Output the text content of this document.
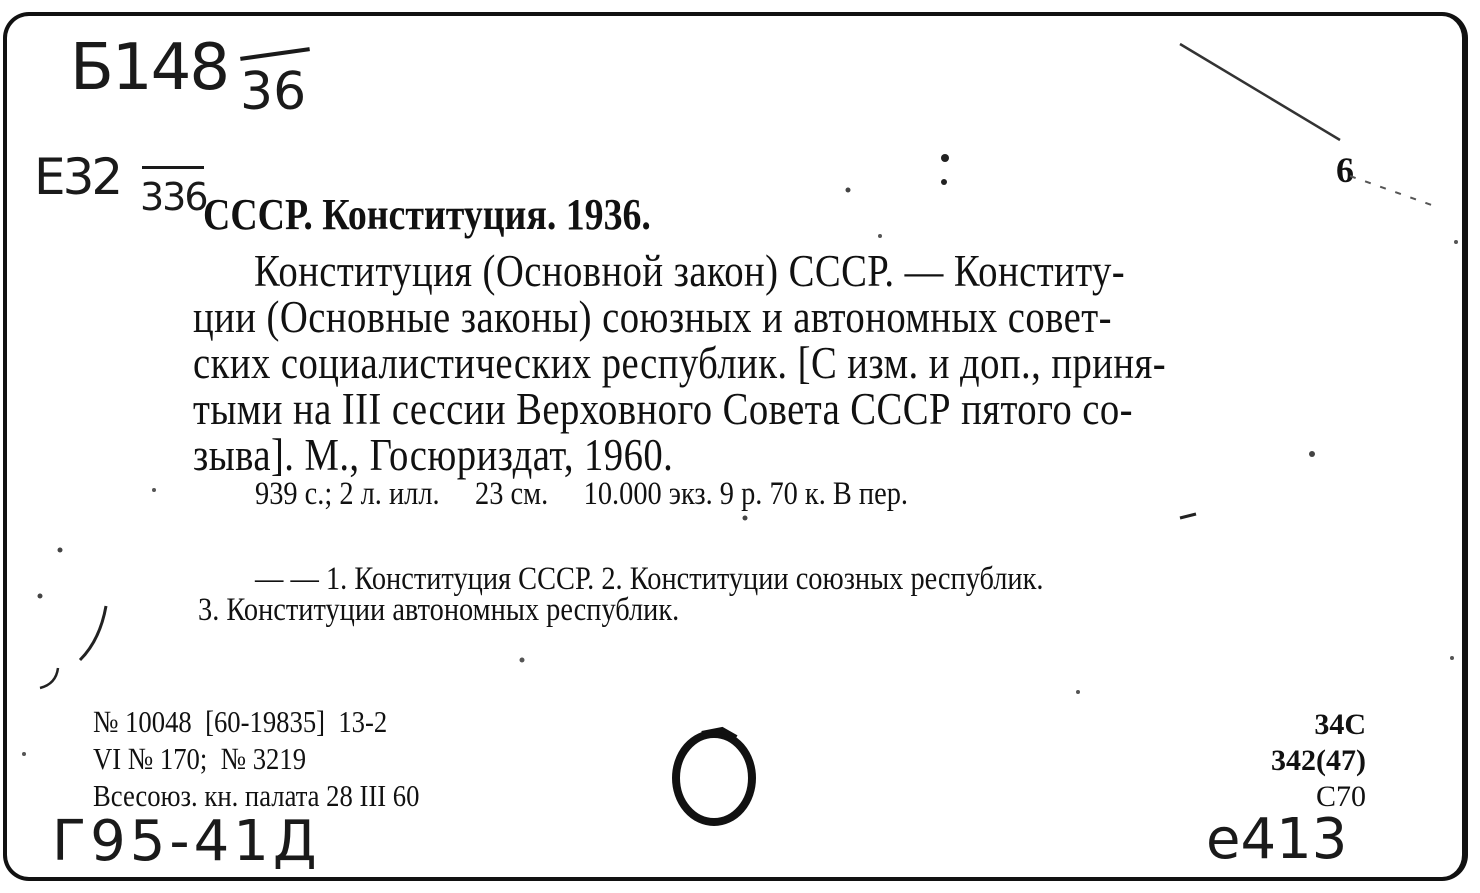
Б148 36
Е32 336
6
СССР. Конституция. 1936.
Конституция (Основной закон) СССР. — Конститу-
ции (Основные законы) союзных и автономных совет-
ских социалистических республик. [С изм. и доп., приня-
тыми на III сессии Верховного Совета СССР пятого со-
зыва]. М., Госюриздат, 1960.
939 с.; 2 л. илл.     23 см.     10.000 экз. 9 р. 70 к. В пер.
— — 1. Конституция СССР. 2. Конституции союзных республик.
3. Конституции автономных республик.
№ 10048  [60-19835]  13-2
VI № 170;  № 3219
Всесоюз. кн. палата 28 III 60
34С
342(47)
С70
Г95-41Д	е413
